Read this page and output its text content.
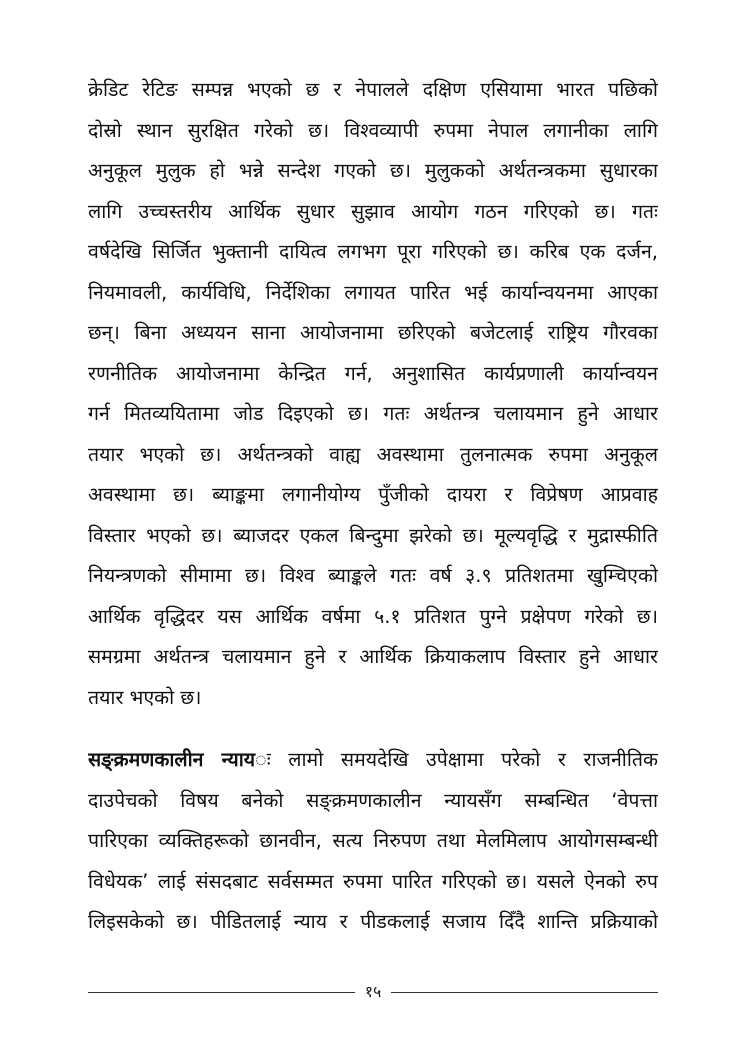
क्रेडिट रेटिङ सम्पन्न भएको छ र नेपालले दक्षिण एसियामा भारत पछिको
दोस्रो स्थान सुरक्षित गरेको छ। विश्वव्यापी रुपमा नेपाल लगानीका लागि
अनुकूल मुलुक हो भन्ने सन्देश गएको छ। मुलुकको अर्थतन्त्रकमा सुधारका
लागि उच्चस्तरीय आर्थिक सुधार सुझाव आयोग गठन गरिएको छ। गतः
वर्षदेखि सिर्जित भुक्तानी दायित्व लगभग पूरा गरिएको छ। करिब एक दर्जन,
नियमावली, कार्यविधि, निर्देशिका लगायत पारित भई कार्यान्वयनमा आएका
छन्। बिना अध्ययन साना आयोजनामा छरिएको बजेटलाई राष्ट्रिय गौरवका
रणनीतिक आयोजनामा केन्द्रित गर्न, अनुशासित कार्यप्रणाली कार्यान्वयन
गर्न मितव्ययितामा जोड दिइएको छ। गतः अर्थतन्त्र चलायमान हुने आधार
तयार भएको छ। अर्थतन्त्रको वाह्य अवस्थामा तुलनात्मक रुपमा अनुकूल
अवस्थामा छ। ब्याङ्कमा लगानीयोग्य पुँजीको दायरा र विप्रेषण आप्रवाह
विस्तार भएको छ। ब्याजदर एकल बिन्दुमा झरेको छ। मूल्यवृद्धि र मुद्रास्फीति
नियन्त्रणको सीमामा छ। विश्व ब्याङ्कले गतः वर्ष ३.९ प्रतिशतमा खुम्चिएको
आर्थिक वृद्धिदर यस आर्थिक वर्षमा ५.१ प्रतिशत पुग्ने प्रक्षेपण गरेको छ।
समग्रमा अर्थतन्त्र चलायमान हुने र आर्थिक क्रियाकलाप विस्तार हुने आधार
तयार भएको छ।
सङ्क्रमणकालीन न्यायः लामो समयदेखि उपेक्षामा परेको र राजनीतिक
दाउपेचको विषय बनेको सङ्क्रमणकालीन न्यायसँग सम्बन्धित ‘वेपत्ता
पारिएका व्यक्तिहरूको छानवीन, सत्य निरुपण तथा मेलमिलाप आयोगसम्बन्धी
विधेयक’ लाई संसदबाट सर्वसम्मत रुपमा पारित गरिएको छ। यसले ऐनको रुप
लिइसकेको छ। पीडितलाई न्याय र पीडकलाई सजाय दिँदै शान्ति प्रक्रियाको
१५
